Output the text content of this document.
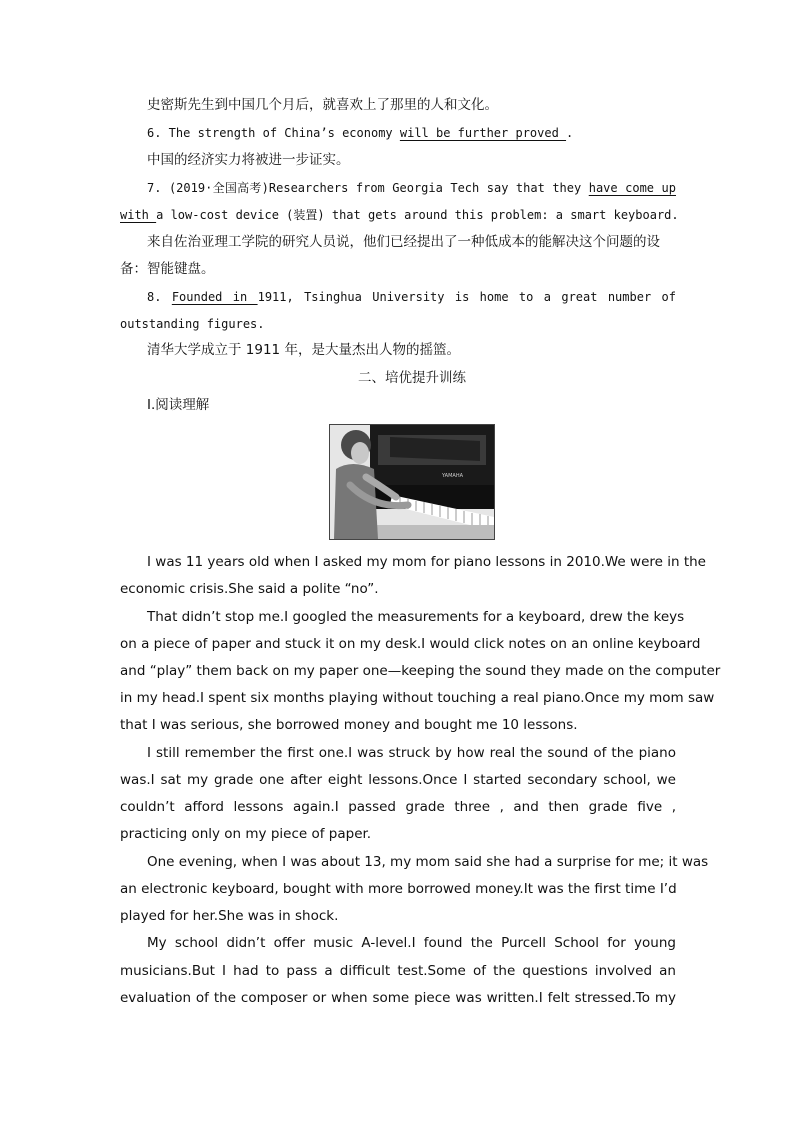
史密斯先生到中国几个月后，就喜欢上了那里的人和文化。
6. The strength of China’s economy will be further proved .
中国的经济实力将被进一步证实。
7. (2019·全国高考)Researchers from Georgia Tech say that they have come up
with a low-cost device (装置) that gets around this problem: a smart keyboard.
来自佐治亚理工学院的研究人员说，他们已经提出了一种低成本的能解决这个问题的设
备：智能键盘。
8. Founded in 1911, Tsinghua University is home to a great number of
outstanding figures.
清华大学成立于 1911 年，是大量杰出人物的摇篮。
二、培优提升训练
Ⅰ.阅读理解
YAMAHA
I was 11 years old when I asked my mom for piano lessons in 2010.We were in the
economic crisis.She said a polite “no”.
That didn’t stop me.I googled the measurements for a keyboard, drew the keys
on a piece of paper and stuck it on my desk.I would click notes on an online keyboard
and “play” them back on my paper one—keeping the sound they made on the computer
in my head.I spent six months playing without touching a real piano.Once my mom saw
that I was serious, she borrowed money and bought me 10 lessons.
I still remember the first one.I was struck by how real the sound of the piano
was.I sat my grade one after eight lessons.Once I started secondary school, we
couldn’t afford lessons again.I passed grade three , and then grade five ,
practicing only on my piece of paper.
One evening, when I was about 13, my mom said she had a surprise for me; it was
an electronic keyboard, bought with more borrowed money.It was the first time I’d
played for her.She was in shock.
My school didn’t offer music A-level.I found the Purcell School for young
musicians.But I had to pass a difficult test.Some of the questions involved an
evaluation of the composer or when some piece was written.I felt stressed.To my
